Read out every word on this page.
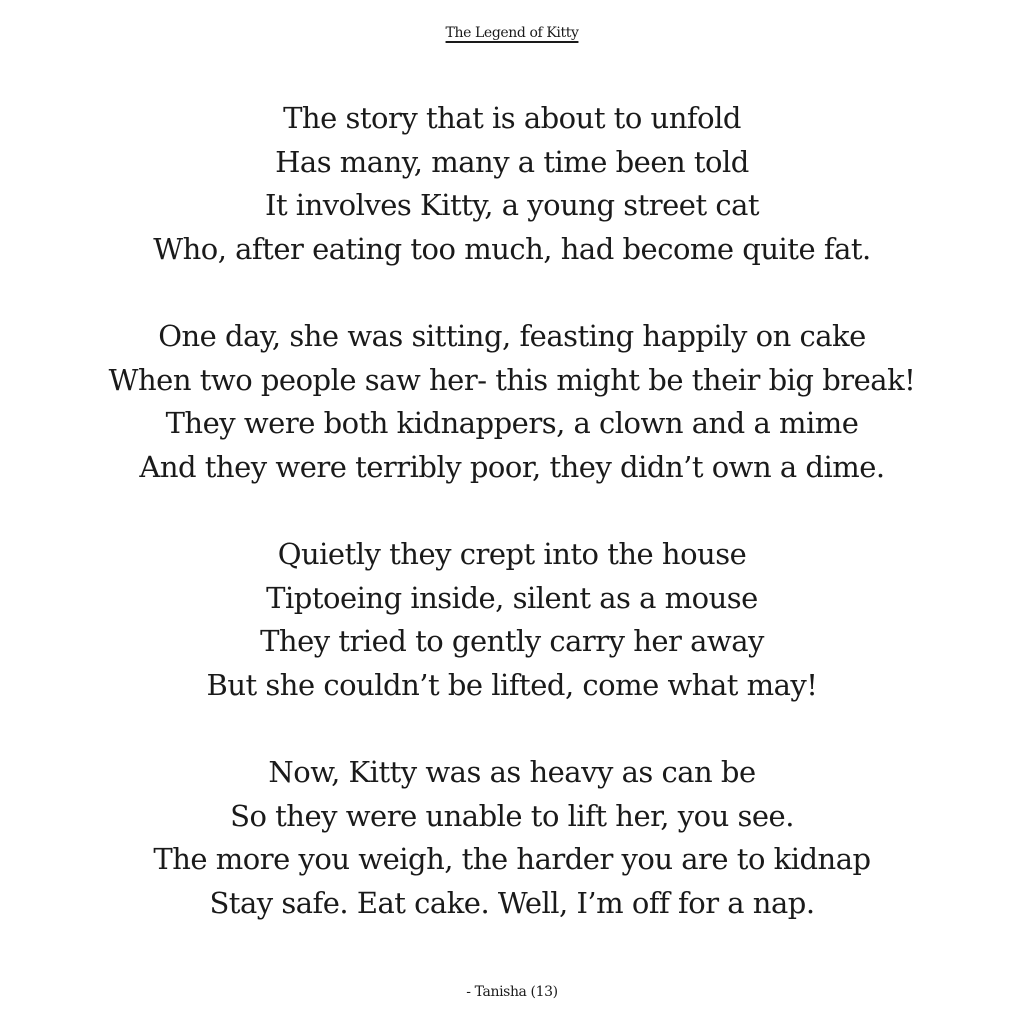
The Legend of Kitty
The story that is about to unfold
Has many, many a time been told
It involves Kitty, a young street cat
Who, after eating too much, had become quite fat.
One day, she was sitting, feasting happily on cake
When two people saw her- this might be their big break!
They were both kidnappers, a clown and a mime
And they were terribly poor, they didn’t own a dime.
Quietly they crept into the house
Tiptoeing inside, silent as a mouse
They tried to gently carry her away
But she couldn’t be lifted, come what may!
Now, Kitty was as heavy as can be
So they were unable to lift her, you see.
The more you weigh, the harder you are to kidnap
Stay safe. Eat cake. Well, I’m off for a nap.
- Tanisha (13)
